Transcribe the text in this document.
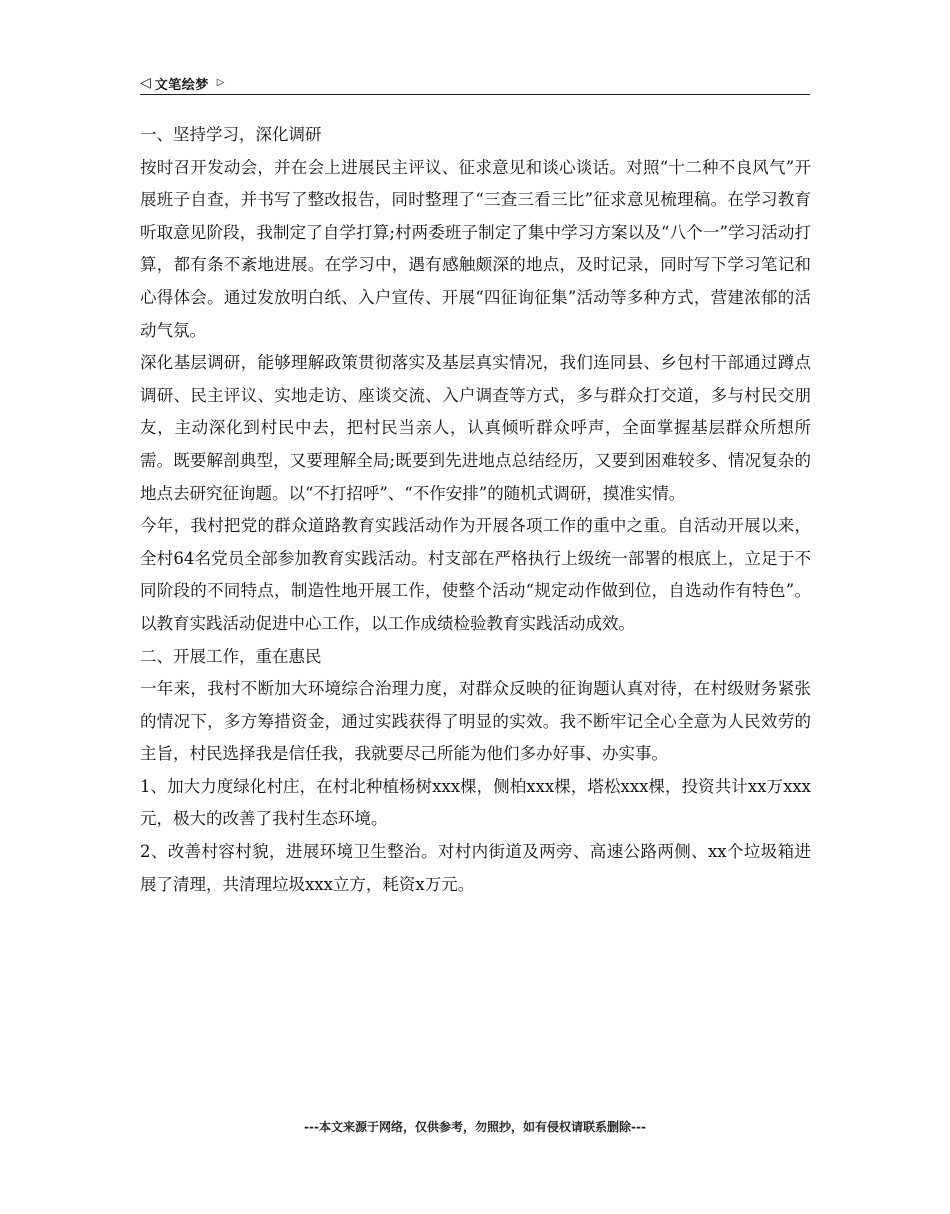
◁ 文笔绘梦 ▷

一、坚持学习，深化调研

按时召开发动会，并在会上进展民主评议、征求意见和谈心谈话。对照“十二种不良风气”开展班子自查，并书写了整改报告，同时整理了“三查三看三比”征求意见梳理稿。在学习教育听取意见阶段，我制定了自学打算;村两委班子制定了集中学习方案以及“八个一”学习活动打算，都有条不紊地进展。在学习中，遇有感触颇深的地点，及时记录，同时写下学习笔记和心得体会。通过发放明白纸、入户宣传、开展“四征询征集”活动等多种方式，营建浓郁的活动气氛。

深化基层调研，能够理解政策贯彻落实及基层真实情况，我们连同县、乡包村干部通过蹲点调研、民主评议、实地走访、座谈交流、入户调查等方式，多与群众打交道，多与村民交朋友，主动深化到村民中去，把村民当亲人，认真倾听群众呼声，全面掌握基层群众所想所需。既要解剖典型，又要理解全局;既要到先进地点总结经历，又要到困难较多、情况复杂的地点去研究征询题。以“不打招呼”、“不作安排”的随机式调研，摸准实情。

今年，我村把党的群众道路教育实践活动作为开展各项工作的重中之重。自活动开展以来，全村64名党员全部参加教育实践活动。村支部在严格执行上级统一部署的根底上，立足于不同阶段的不同特点，制造性地开展工作，使整个活动“规定动作做到位，自选动作有特色”。以教育实践活动促进中心工作，以工作成绩检验教育实践活动成效。

二、开展工作，重在惠民

一年来，我村不断加大环境综合治理力度，对群众反映的征询题认真对待，在村级财务紧张的情况下，多方筹措资金，通过实践获得了明显的实效。我不断牢记全心全意为人民效劳的主旨，村民选择我是信任我，我就要尽己所能为他们多办好事、办实事。

1、加大力度绿化村庄，在村北种植杨树xxx棵，侧柏xxx棵，塔松xxx棵，投资共计xx万xxx元，极大的改善了我村生态环境。

2、改善村容村貌，进展环境卫生整治。对村内街道及两旁、高速公路两侧、xx个垃圾箱进展了清理，共清理垃圾xxx立方，耗资x万元。

---本文来源于网络，仅供参考，勿照抄，如有侵权请联系删除---
